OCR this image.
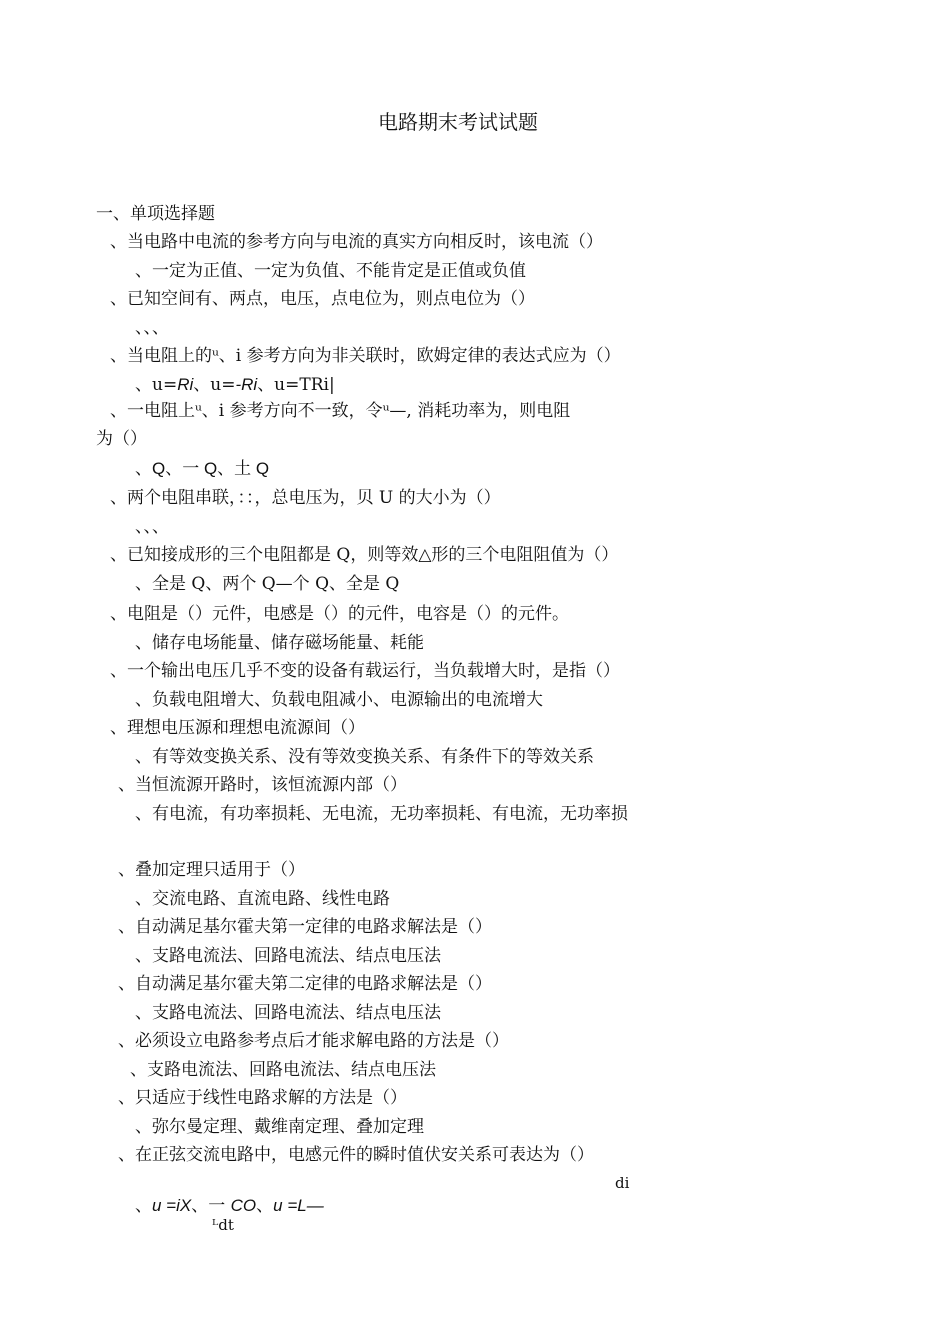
电路期末考试试题
一、单项选择题
、当电路中电流的参考方向与电流的真实方向相反时，该电流（）
、一定为正值、一定为负值、不能肯定是正值或负值
、已知空间有、两点，电压，点电位为，则点电位为（）
、、、
、当电阻上的ᵘ、i 参考方向为非关联时，欧姆定律的表达式应为（）
、u=Ri、u=-Ri、u=TRi|
、一电阻上ᵘ、i 参考方向不一致，令ᵘ—, 消耗功率为，则电阻
为（）
、Q、一 Q、土 Q
、两个电阻串联，：：，总电压为，贝 U 的大小为（）
、、、
、已知接成形的三个电阻都是 Q，则等效△形的三个电阻阻值为（）
、全是 Q、两个 Q—个 Q、全是 Q
、电阻是（）元件，电感是（）的元件，电容是（）的元件。
、储存电场能量、储存磁场能量、耗能
、一个输出电压几乎不变的设备有载运行，当负载增大时，是指（）
、负载电阻增大、负载电阻减小、电源输出的电流增大
、理想电压源和理想电流源间（）
、有等效变换关系、没有等效变换关系、有条件下的等效关系
、当恒流源开路时，该恒流源内部（）
、有电流，有功率损耗、无电流，无功率损耗、有电流，无功率损
、叠加定理只适用于（）
、交流电路、直流电路、线性电路
、自动满足基尔霍夫第一定律的电路求解法是（）
、支路电流法、回路电流法、结点电压法
、自动满足基尔霍夫第二定律的电路求解法是（）
、支路电流法、回路电流法、结点电压法
、必须设立电路参考点后才能求解电路的方法是（）
、支路电流法、回路电流法、结点电压法
、只适应于线性电路求解的方法是（）
、弥尔曼定理、戴维南定理、叠加定理
、在正弦交流电路中，电感元件的瞬时值伏安关系可表达为（）
di
、u =iX、一 CO、u =L—
ᴸdt
